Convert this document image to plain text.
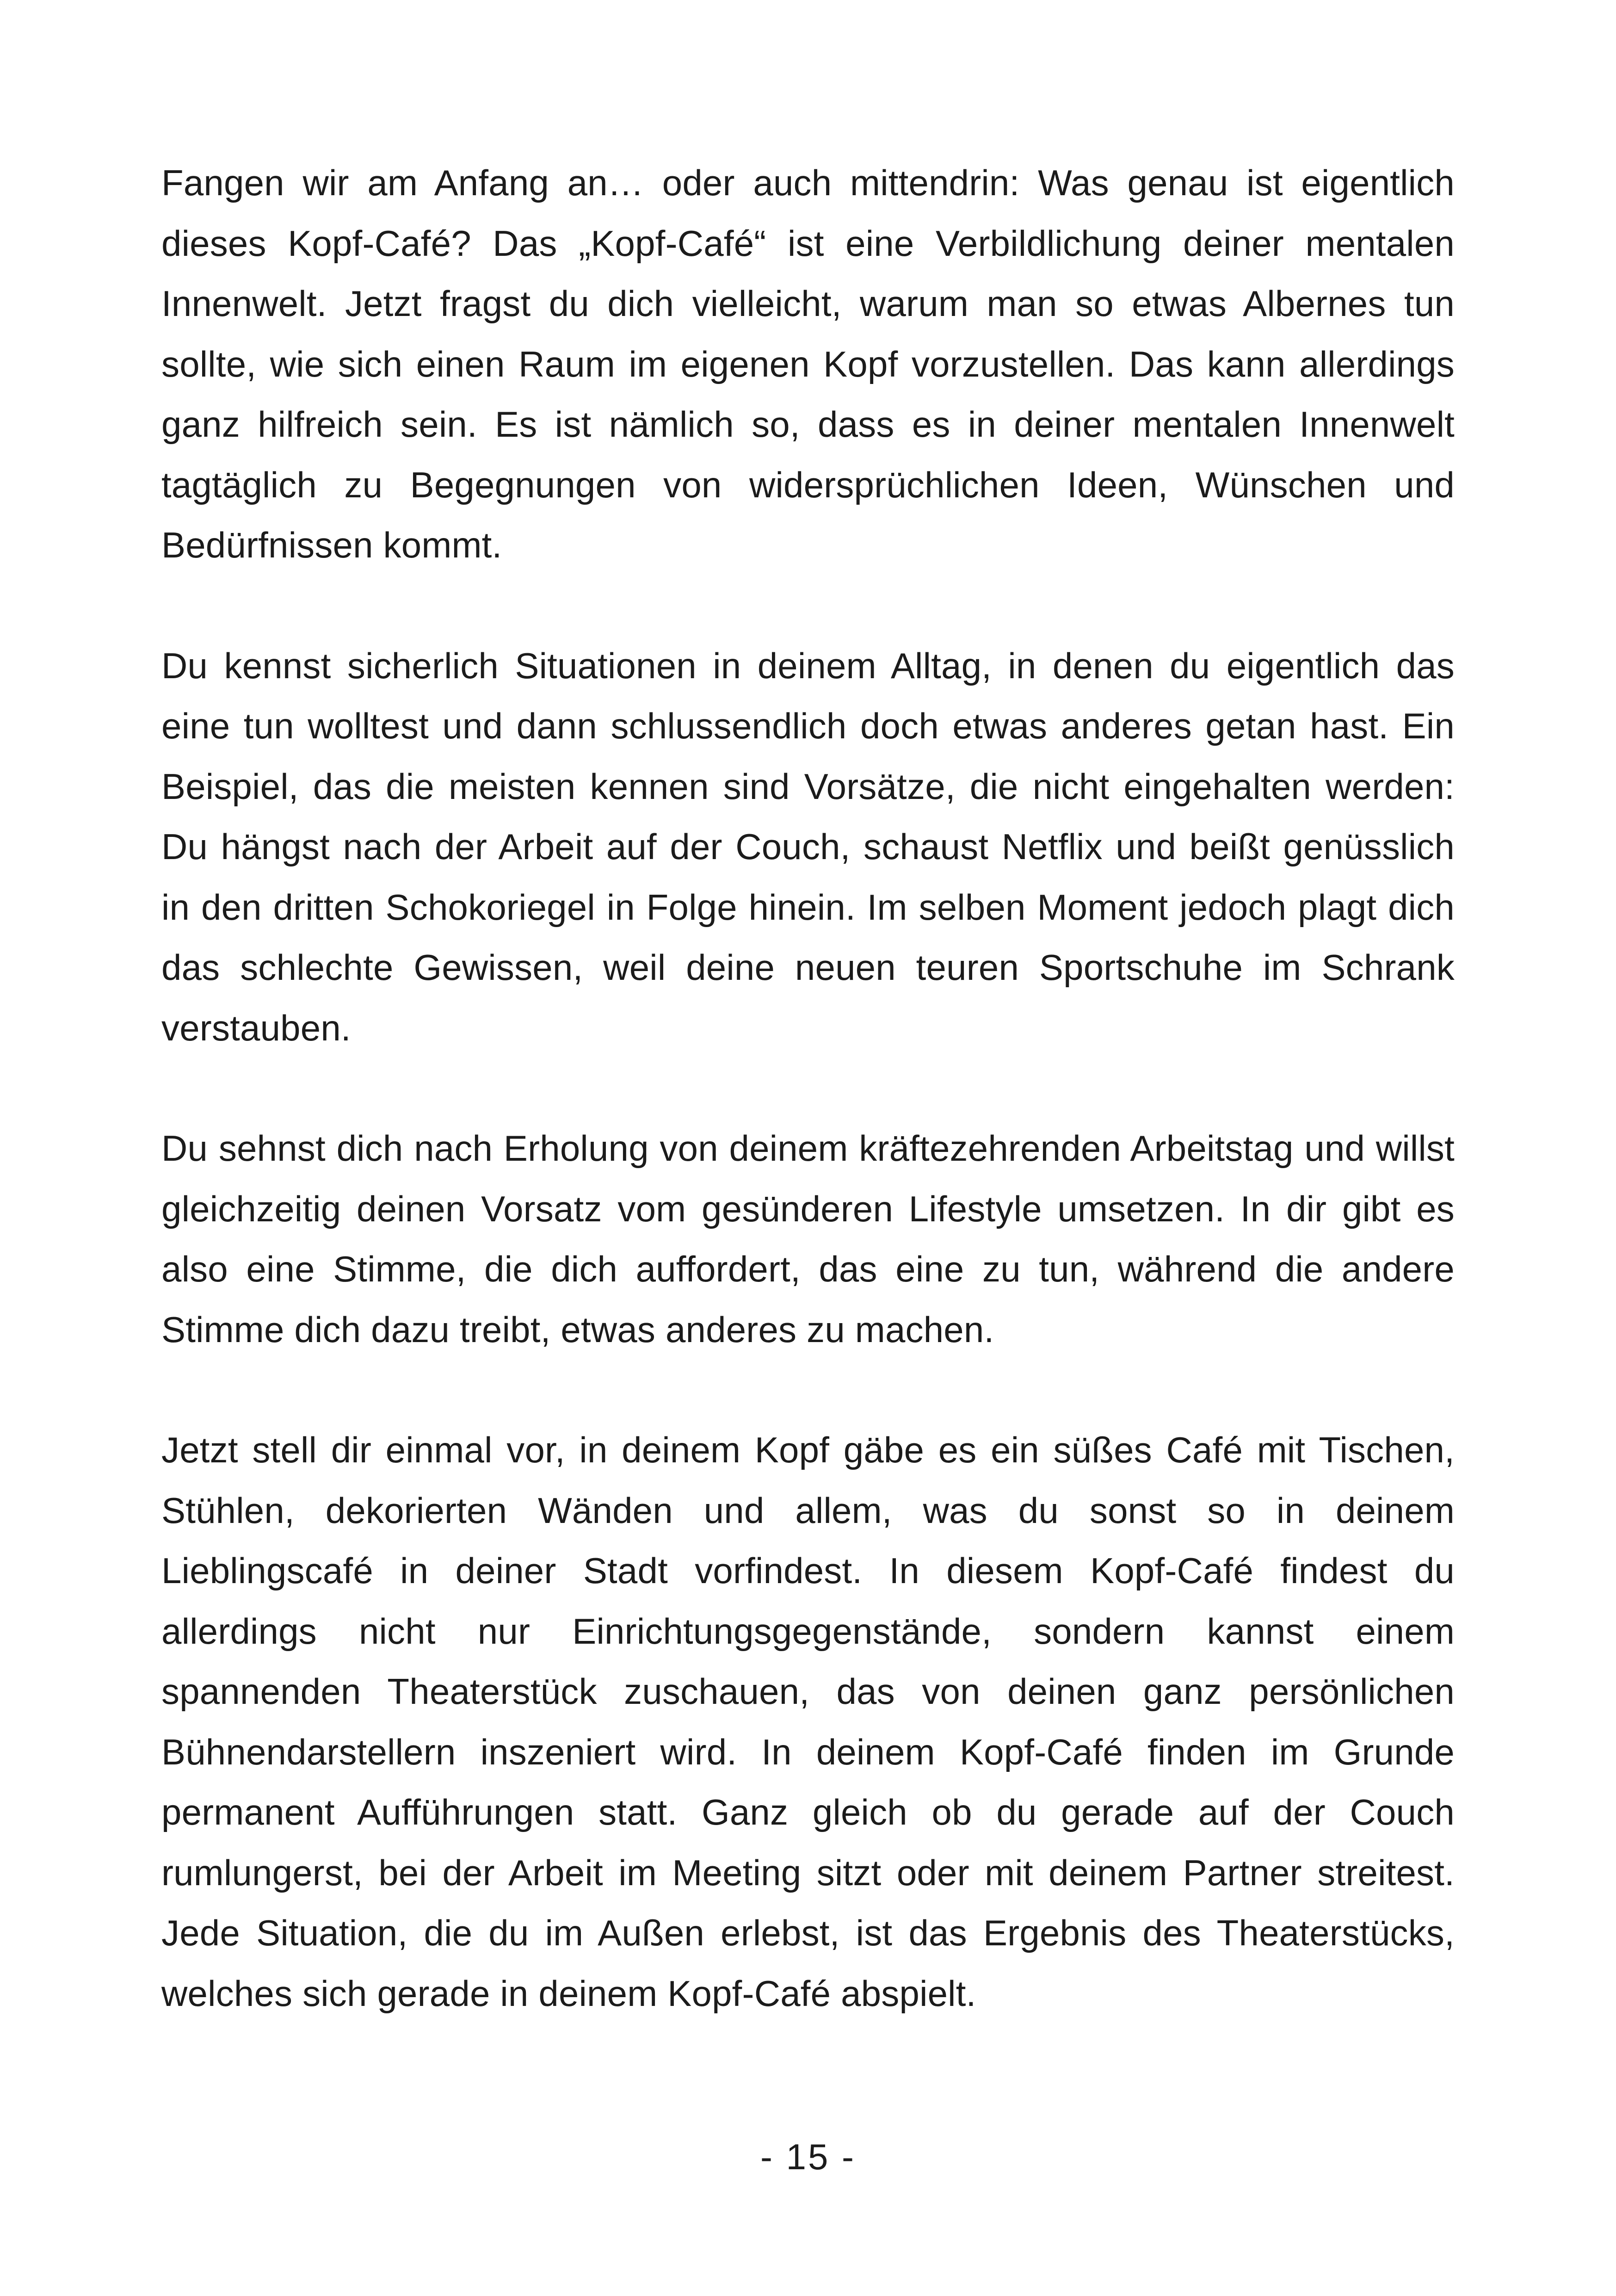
Fangen wir am Anfang an… oder auch mittendrin: Was genau ist eigentlich dieses Kopf-Café? Das „Kopf-Café“ ist eine Verbildlichung deiner mentalen Innenwelt. Jetzt fragst du dich vielleicht, warum man so etwas Albernes tun sollte, wie sich einen Raum im eigenen Kopf vorzustellen. Das kann allerdings ganz hilfreich sein. Es ist nämlich so, dass es in deiner mentalen Innenwelt tagtäglich zu Begegnungen von widersprüchlichen Ideen, Wünschen und Bedürfnissen kommt.

Du kennst sicherlich Situationen in deinem Alltag, in denen du eigentlich das eine tun wolltest und dann schlussendlich doch etwas anderes getan hast. Ein Beispiel, das die meisten kennen sind Vorsätze, die nicht eingehalten werden: Du hängst nach der Arbeit auf der Couch, schaust Netflix und beißt genüsslich in den dritten Schokoriegel in Folge hinein. Im selben Moment jedoch plagt dich das schlechte Gewissen, weil deine neuen teuren Sportschuhe im Schrank verstauben.

Du sehnst dich nach Erholung von deinem kräftezehrenden Arbeitstag und willst gleichzeitig deinen Vorsatz vom gesünderen Lifestyle umsetzen. In dir gibt es also eine Stimme, die dich auffordert, das eine zu tun, während die andere Stimme dich dazu treibt, etwas anderes zu machen.

Jetzt stell dir einmal vor, in deinem Kopf gäbe es ein süßes Café mit Tischen, Stühlen, dekorierten Wänden und allem, was du sonst so in deinem Lieblingscafé in deiner Stadt vorfindest. In diesem Kopf-Café findest du allerdings nicht nur Einrichtungsgegenstände, sondern kannst einem spannenden Theaterstück zuschauen, das von deinen ganz persönlichen Bühnendarstellern inszeniert wird. In deinem Kopf-Café finden im Grunde permanent Aufführungen statt. Ganz gleich ob du gerade auf der Couch rumlungerst, bei der Arbeit im Meeting sitzt oder mit deinem Partner streitest. Jede Situation, die du im Außen erlebst, ist das Ergebnis des Theaterstücks, welches sich gerade in deinem Kopf-Café abspielt.

- 15 -
